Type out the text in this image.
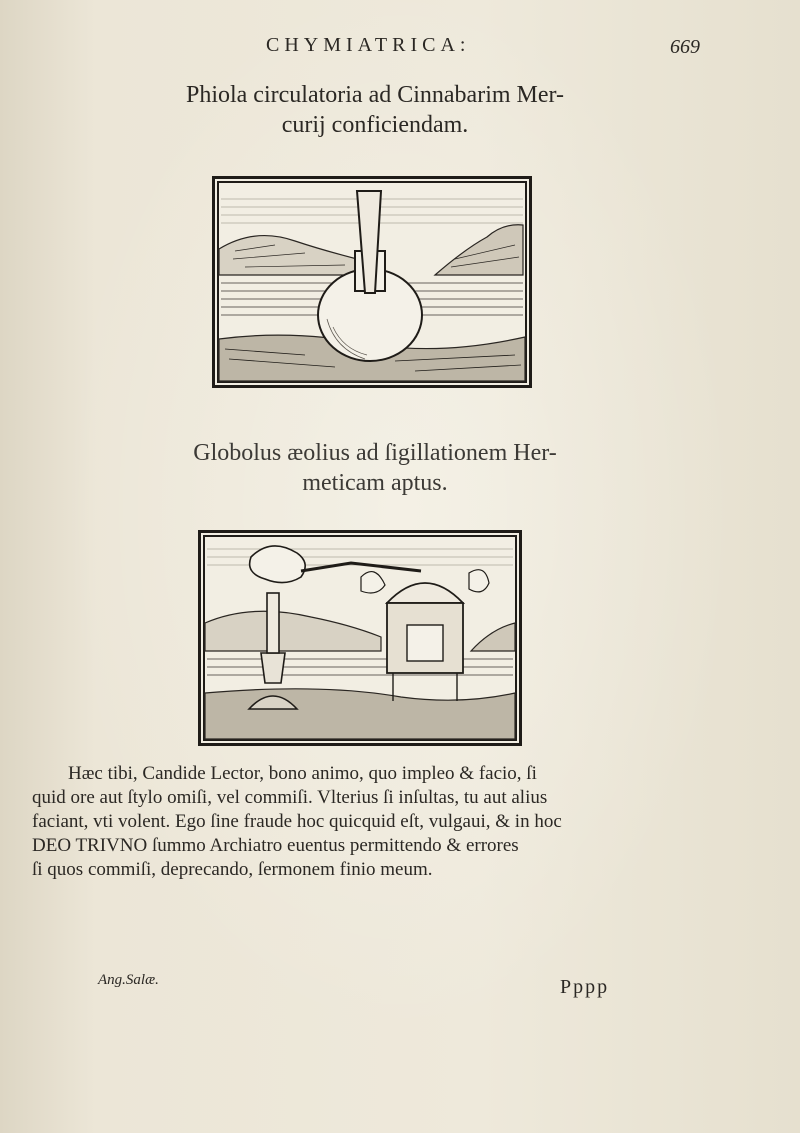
CHYMIATRICA:	669
Phiola circulatoria ad Cinnabarim Mer-
curij conficiendam.
Globolus æolius ad ſigillationem Her-
meticam aptus.

Hæc tibi, Candide Lector, bono animo, quo impleo & facio, ſi

quid ore aut ſtylo omiſi, vel commiſi. Vlterius ſi inſultas, tu aut alius

faciant, vti volent. Ego ſine fraude hoc quicquid eſt, vulgaui, & in hoc

DEO TRIVNO ſummo Archiatro euentus permittendo & errores

ſi quos commiſi, deprecando, ſermonem finio meum.

Ang.Salæ.	Pppp
